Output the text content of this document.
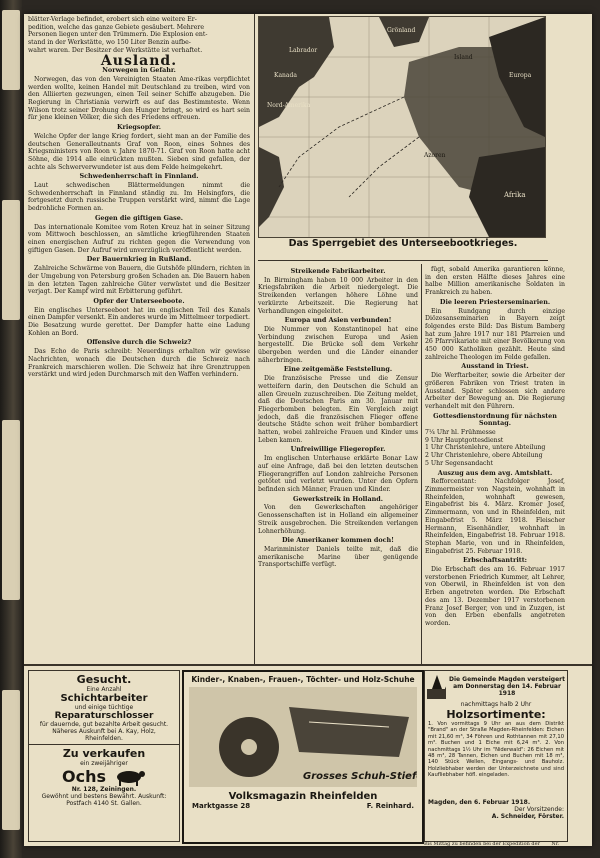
blätter-Verlage befindet, erobert sich eine weitere Er-
pedition, welche das ganze Gebiete gesäubert. Mehrere
Personen liegen unter den Trümmern. Die Explosion ent-
stand in der Werkstätte, wo 150 Liter Benzin aufbe-
wahrt waren. Der Besitzer der Werkstätte ist verhaftet.
Ausland.
Norwegen in Gefahr.

Norwegen, das von den Vereinigten Staaten Ame-rikas verpflichtet werden wollte, keinen Handel mit Deutschland zu treiben, wird von den Alliierten gezwungen, einen Teil seiner Schiffe abzugeben. Die Regierung in Christiania verwirft es auf das Bestimmteste. Wenn Wilson trotz seiner Drohung den Hunger bringt, so wird es hart sein für jene kleinen Völker, die sich des Friedens erfreuen.

Kriegsopfer.

Welche Opfer der lange Krieg fordert, sieht man an der Familie des deutschen Generalleutnants Graf von Roon, eines Sohnes des Kriegsministers von Roon v. Jahre 1870-71. Graf von Roon hatte acht Söhne, die 1914 alle einrückten mußten. Sieben sind gefallen, der achte als Schwerverwundeter ist aus dem Felde heimgekehrt.

Schwedenherrschaft in Finnland.

Laut schwedischen Blättermeldungen nimmt die Schwedenherrschaft in Finnland ständig zu. Im Helsingfors, die fortgesetzt durch russische Truppen verstärkt wird, nimmt die Lage bedrohliche Formen an.

Gegen die giftigen Gase.

Das internationale Komitee vom Roten Kreuz hat in seiner Sitzung vom Mittwoch beschlossen, an sämtliche kriegführenden Staaten einen energischen Aufruf zu richten gegen die Verwendung von giftigen Gasen. Der Aufruf wird unverzüglich veröffentlicht werden.

Der Bauernkrieg in Rußland.

Zahlreiche Schwärme von Bauern, die Gutshöfe plündern, richten in der Umgebung von Petersburg großen Schaden an. Die Bauern haben in den letzten Tagen zahlreiche Güter verwüstet und die Besitzer verjagt. Der Kampf wird mit Erbitterung geführt.

Opfer der Unterseeboote.

Ein englisches Unterseeboot hat im englischen Teil des Kanals einen Dampfer versenkt. Ein anderes wurde im Mittelmeer torpediert. Die Besatzung wurde gerettet. Der Dampfer hatte eine Ladung Kohlen an Bord.

Offensive durch die Schweiz?

Das Echo de Paris schreibt: Neuerdings erhalten wir gewisse Nachrichten, wonach die Deutschen durch die Schweiz nach Frankreich marschieren wollen. Die Schweiz hat ihre Grenztruppen verstärkt und wird jeden Durchmarsch mit den Waffen verhindern.

Labrador
Kanada
Grönland
Island
Nord-Amerika
Azoren
Afrika
Europa
Das Sperrgebiet des Unterseebootkrieges.
Streikende Fabrikarbeiter.

In Birmingham haben 10 000 Arbeiter in den Kriegsfabriken die Arbeit niedergelegt. Die Streikenden verlangen höhere Löhne und verkürzte Arbeitszeit. Die Regierung hat Verhandlungen eingeleitet.

Europa und Asien verbunden!

Die Nummer von Konstantinopel hat eine Verbindung zwischen Europa und Asien hergestellt. Die Brücke soll dem Verkehr übergeben werden und die Länder einander näherbringen.

Eine zeitgemäße Feststellung.

Die französische Presse und die Zensur wetteifern darin, den Deutschen die Schuld an allen Greueln zuzuschreiben. Die Zeitung meldet, daß die Deutschen Paris am 30. Januar mit Fliegerbomben belegten. Ein Vergleich zeigt jedoch, daß die französischen Flieger offene deutsche Städte schon weit früher bombardiert hatten, wobei zahlreiche Frauen und Kinder ums Leben kamen.

Unfreiwillige Fliegeropfer.

Im englischen Unterhause erklärte Bonar Law auf eine Anfrage, daß bei den letzten deutschen Fliegerangriffen auf London zahlreiche Personen getötet und verletzt wurden. Unter den Opfern befinden sich Männer, Frauen und Kinder.

Gewerkstreik in Holland.

Von den Gewerkschaften angehöriger Genossenschaften ist in Holland ein allgemeiner Streik ausgebrochen. Die Streikenden verlangen Lohnerhöhung.

Die Amerikaner kommen doch!

Marinminister Daniels teilte mit, daß die amerikanische Marine über genügende Transportschiffe verfügt.

fügt, sobald Amerika garantieren könne, in den ersten Hälfte dieses Jahres eine halbe Million amerikanische Soldaten in Frankreich zu haben.

Die leeren Priesterseminarien.

Ein Rundgang durch einzige Diözesanseminarien in Bayern zeigt folgendes erste Bild: Das Bistum Bamberg hat zum Jahre 1917 nur 181 Pfarreien und 26 Pfarrvikariate mit einer Bevölkerung von 450 000 Katholiken gezählt. Heute sind zahlreiche Theologen im Felde gefallen.

Ausstand in Triest.

Die Werftarbeiter, sowie die Arbeiter der größeren Fabriken von Triest traten in Ausstand. Später schlossen sich andere Arbeiter der Bewegung an. Die Regierung verhandelt mit den Führern.

Gottesdienstordnung für nächsten Sonntag.
7¼ Uhr hl. Frühmesse
9 Uhr Hauptgottesdienst
1 Uhr Christenlehre, untere Abteilung
2 Uhr Christenlehre, obere Abteilung
5 Uhr Segensandacht
Auszug aus dem avg. Amtsblatt.

Refforcentant: Nachfolger Josef, Zimmermeister von Nagstein, wohnhaft in Rheinfelden, wohnhaft gewesen, Eingabefrist bis 4. März. Kromer Josef, Zimmermann, von und in Rheinfelden, mit Eingabefrist 5. März 1918. Fleischer Hermann, Eisenhändler, wohnhaft in Rheinfelden, Eingabefrist 18. Februar 1918. Stephan Marie, von und in Rheinfelden, Eingabefrist 25. Februar 1918.

Erbschaftsantritt:

Die Erbschaft des am 16. Februar 1917 verstorbenen Friedrich Kummer, alt Lehrer, von Oberwil, in Rheinfelden ist von den Erben angetreten worden. Die Erbschaft des am 13. Dezember 1917 verstorbenen Franz Josef Berger, von und in Zuzgen, ist von den Erben ebenfalls angetreten worden.

Gesucht.
Eine Anzahl
Schichtarbeiter
und einige tüchtige
Reparaturschlosser
für dauernde, gut bezahlte Arbeit gesucht. Näheres Auskunft bei A. Kay, Holz, Rheinfelden.
Zu verkaufen
ein zweijähriger
Ochs
Nr. 128, Zeiningen.
Gewöhnt und bestens Bewährt. Auskunft: Postfach 4140 St. Gallen.
Kinder-, Knaben-, Frauen-, Töchter- und Holz-Schuhe
Grosses Schuh-Stief
Volksmagazin Rheinfelden
Marktgasse 28	F. Reinhard.
Die Gemeinde Magden versteigert am Donnerstag den 14. Februar 1918
nachmittags halb 2 Uhr
Holzsortimente:
1. Von vormittags 9 Uhr an aus dem Distrikt "Brand" an der Straße Magden-Rheinfelden: Eichen mit 21,60 m³, 34 Föhren und Rothtannen mit 27,10 m³. Buchen und 1 Eiche mit 6,24 m³. 2. Von nachmittags 1½ Uhr im "Niderwald": 26 Eichen mit 48 m³, 28 Tannen, Eichen und Buchen mit 18 m³, 140 Stück Wellen, Eingangs- und Bauholz. Holzliebhaber werden der Unterzeichnete und sind Kaufliebhaber höfl. eingeladen.
Magden, den 6. Februar 1918.
Der Vorsitzende:
A. Schneider, Förster.
Bis Mittag zu befinden bei der Expedition der	Nr.
